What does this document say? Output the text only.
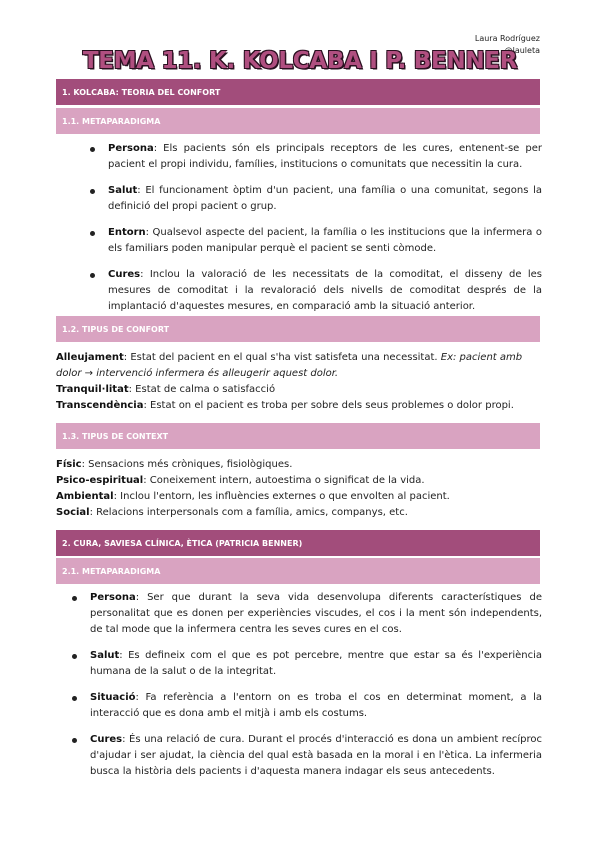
Laura Rodríguez
@lauleta
TEMA 11. K. KOLCABA I P. BENNER
1. KOLCABA: TEORIA DEL CONFORT
1.1. METAPARADIGMA
Persona: Els pacients són els principals receptors de les cures, entenent-se per pacient el propi individu, famílies, institucions o comunitats que necessitin la cura.
Salut: El funcionament òptim d'un pacient, una família o una comunitat, segons la definició del propi pacient o grup.
Entorn: Qualsevol aspecte del pacient, la família o les institucions que la infermera o els familiars poden manipular perquè el pacient se senti còmode.
Cures: Inclou la valoració de les necessitats de la comoditat, el disseny de les mesures de comoditat i la revaloració dels nivells de comoditat després de la implantació d'aquestes mesures, en comparació amb la situació anterior.
1.2. TIPUS DE CONFORT

Alleujament: Estat del pacient en el qual s'ha vist satisfeta una necessitat. Ex: pacient amb dolor → intervenció infermera és alleugerir aquest dolor.

Tranquil·litat: Estat de calma o satisfacció

Transcendència: Estat on el pacient es troba per sobre dels seus problemes o dolor propi.

1.3. TIPUS DE CONTEXT

Físic: Sensacions més cròniques, fisiològiques.

Psico-espiritual: Coneixement intern, autoestima o significat de la vida.

Ambiental: Inclou l'entorn, les influències externes o que envolten al pacient.

Social: Relacions interpersonals com a família, amics, companys, etc.

2. CURA, SAVIESA CLÍNICA, ÈTICA (PATRICIA BENNER)
2.1. METAPARADIGMA
Persona: Ser que durant la seva vida desenvolupa diferents característiques de personalitat que es donen per experiències viscudes, el cos i la ment són independents, de tal mode que la infermera centra les seves cures en el cos.
Salut: Es defineix com el que es pot percebre, mentre que estar sa és l'experiència humana de la salut o de la integritat.
Situació: Fa referència a l'entorn on es troba el cos en determinat moment, a la interacció que es dona amb el mitjà i amb els costums.
Cures: És una relació de cura. Durant el procés d'interacció es dona un ambient recíproc d'ajudar i ser ajudat, la ciència del qual està basada en la moral i en l'ètica. La infermeria busca la història dels pacients i d'aquesta manera indagar els seus antecedents.
